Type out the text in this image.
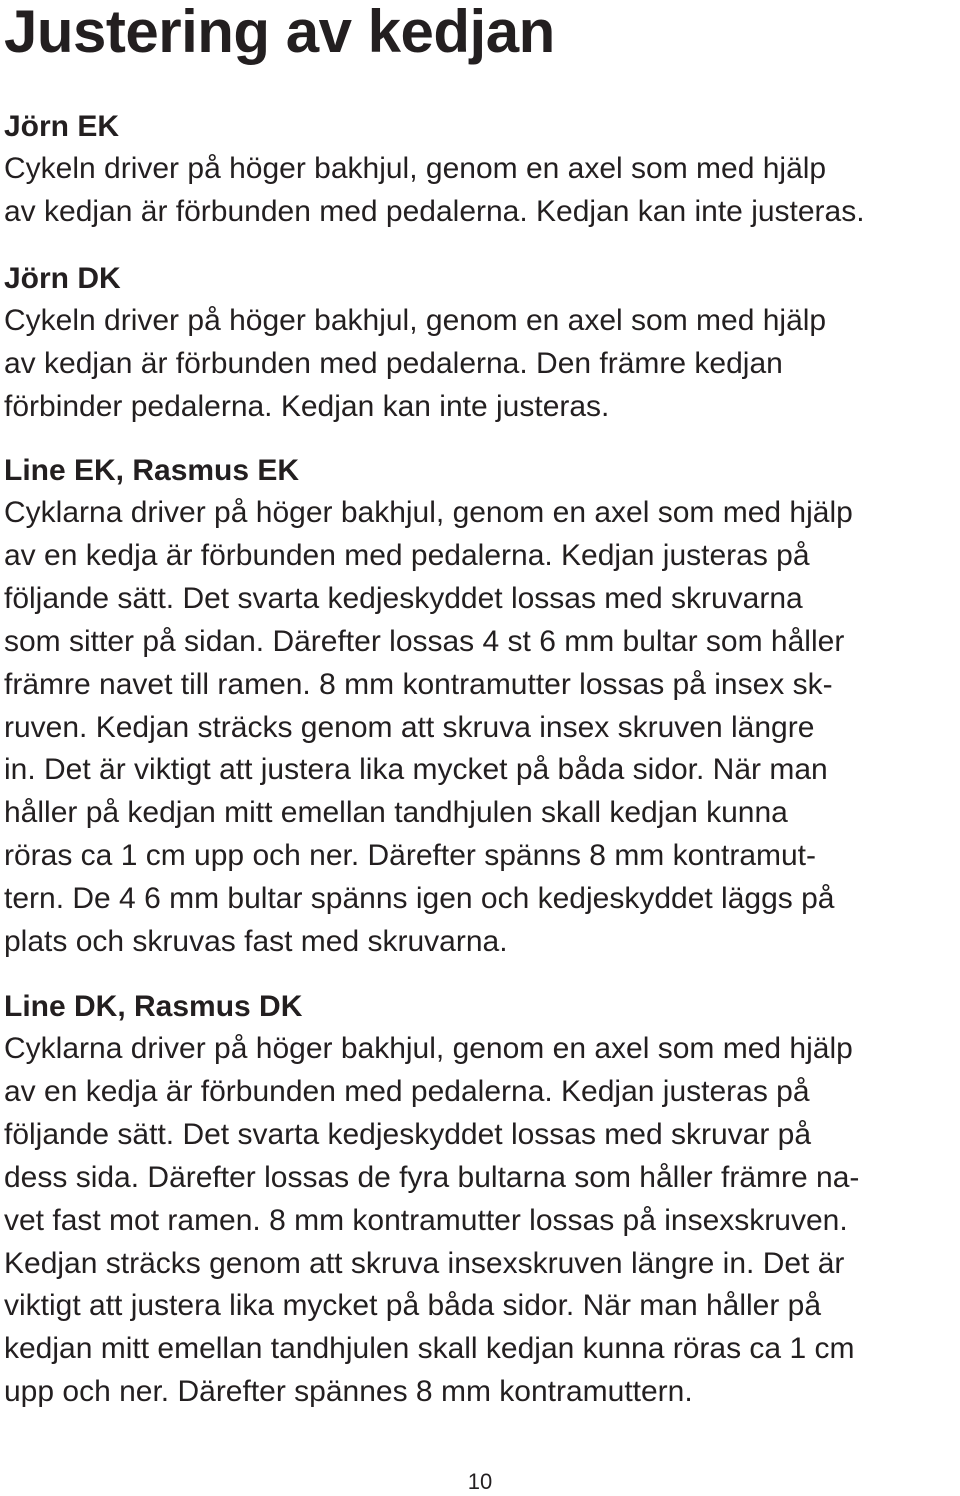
Justering av kedjan
Jörn EK
Cykeln driver på höger bakhjul, genom en axel som med hjälp
av kedjan är förbunden med pedalerna. Kedjan kan inte justeras.
Jörn DK
Cykeln driver på höger bakhjul, genom en axel som med hjälp
av kedjan är förbunden med pedalerna. Den främre kedjan
förbinder pedalerna. Kedjan kan inte justeras.
Line EK, Rasmus EK
Cyklarna driver på höger bakhjul, genom en axel som med hjälp
av en kedja är förbunden med pedalerna. Kedjan justeras på
följande sätt. Det svarta kedjeskyddet lossas med skruvarna
som sitter på sidan. Därefter lossas 4 st 6 mm bultar som håller
främre navet till ramen. 8 mm kontramutter lossas på insex sk-
ruven. Kedjan sträcks genom att skruva insex skruven längre
in. Det är viktigt att justera lika mycket på båda sidor. När man
håller på kedjan mitt emellan tandhjulen skall kedjan kunna
röras ca 1 cm upp och ner. Därefter spänns 8 mm kontramut-
tern. De 4 6 mm bultar spänns igen och kedjeskyddet läggs på
plats och skruvas fast med skruvarna.
Line DK, Rasmus DK
Cyklarna driver på höger bakhjul, genom en axel som med hjälp
av en kedja är förbunden med pedalerna. Kedjan justeras på
följande sätt. Det svarta kedjeskyddet lossas med skruvar på
dess sida. Därefter lossas de fyra bultarna som håller främre na-
vet fast mot ramen. 8 mm kontramutter lossas på insexskruven.
Kedjan sträcks genom att skruva insexskruven längre in. Det är
viktigt att justera lika mycket på båda sidor. När man håller på
kedjan mitt emellan tandhjulen skall kedjan kunna röras ca 1 cm
upp och ner. Därefter spännes 8 mm kontramuttern.
10
